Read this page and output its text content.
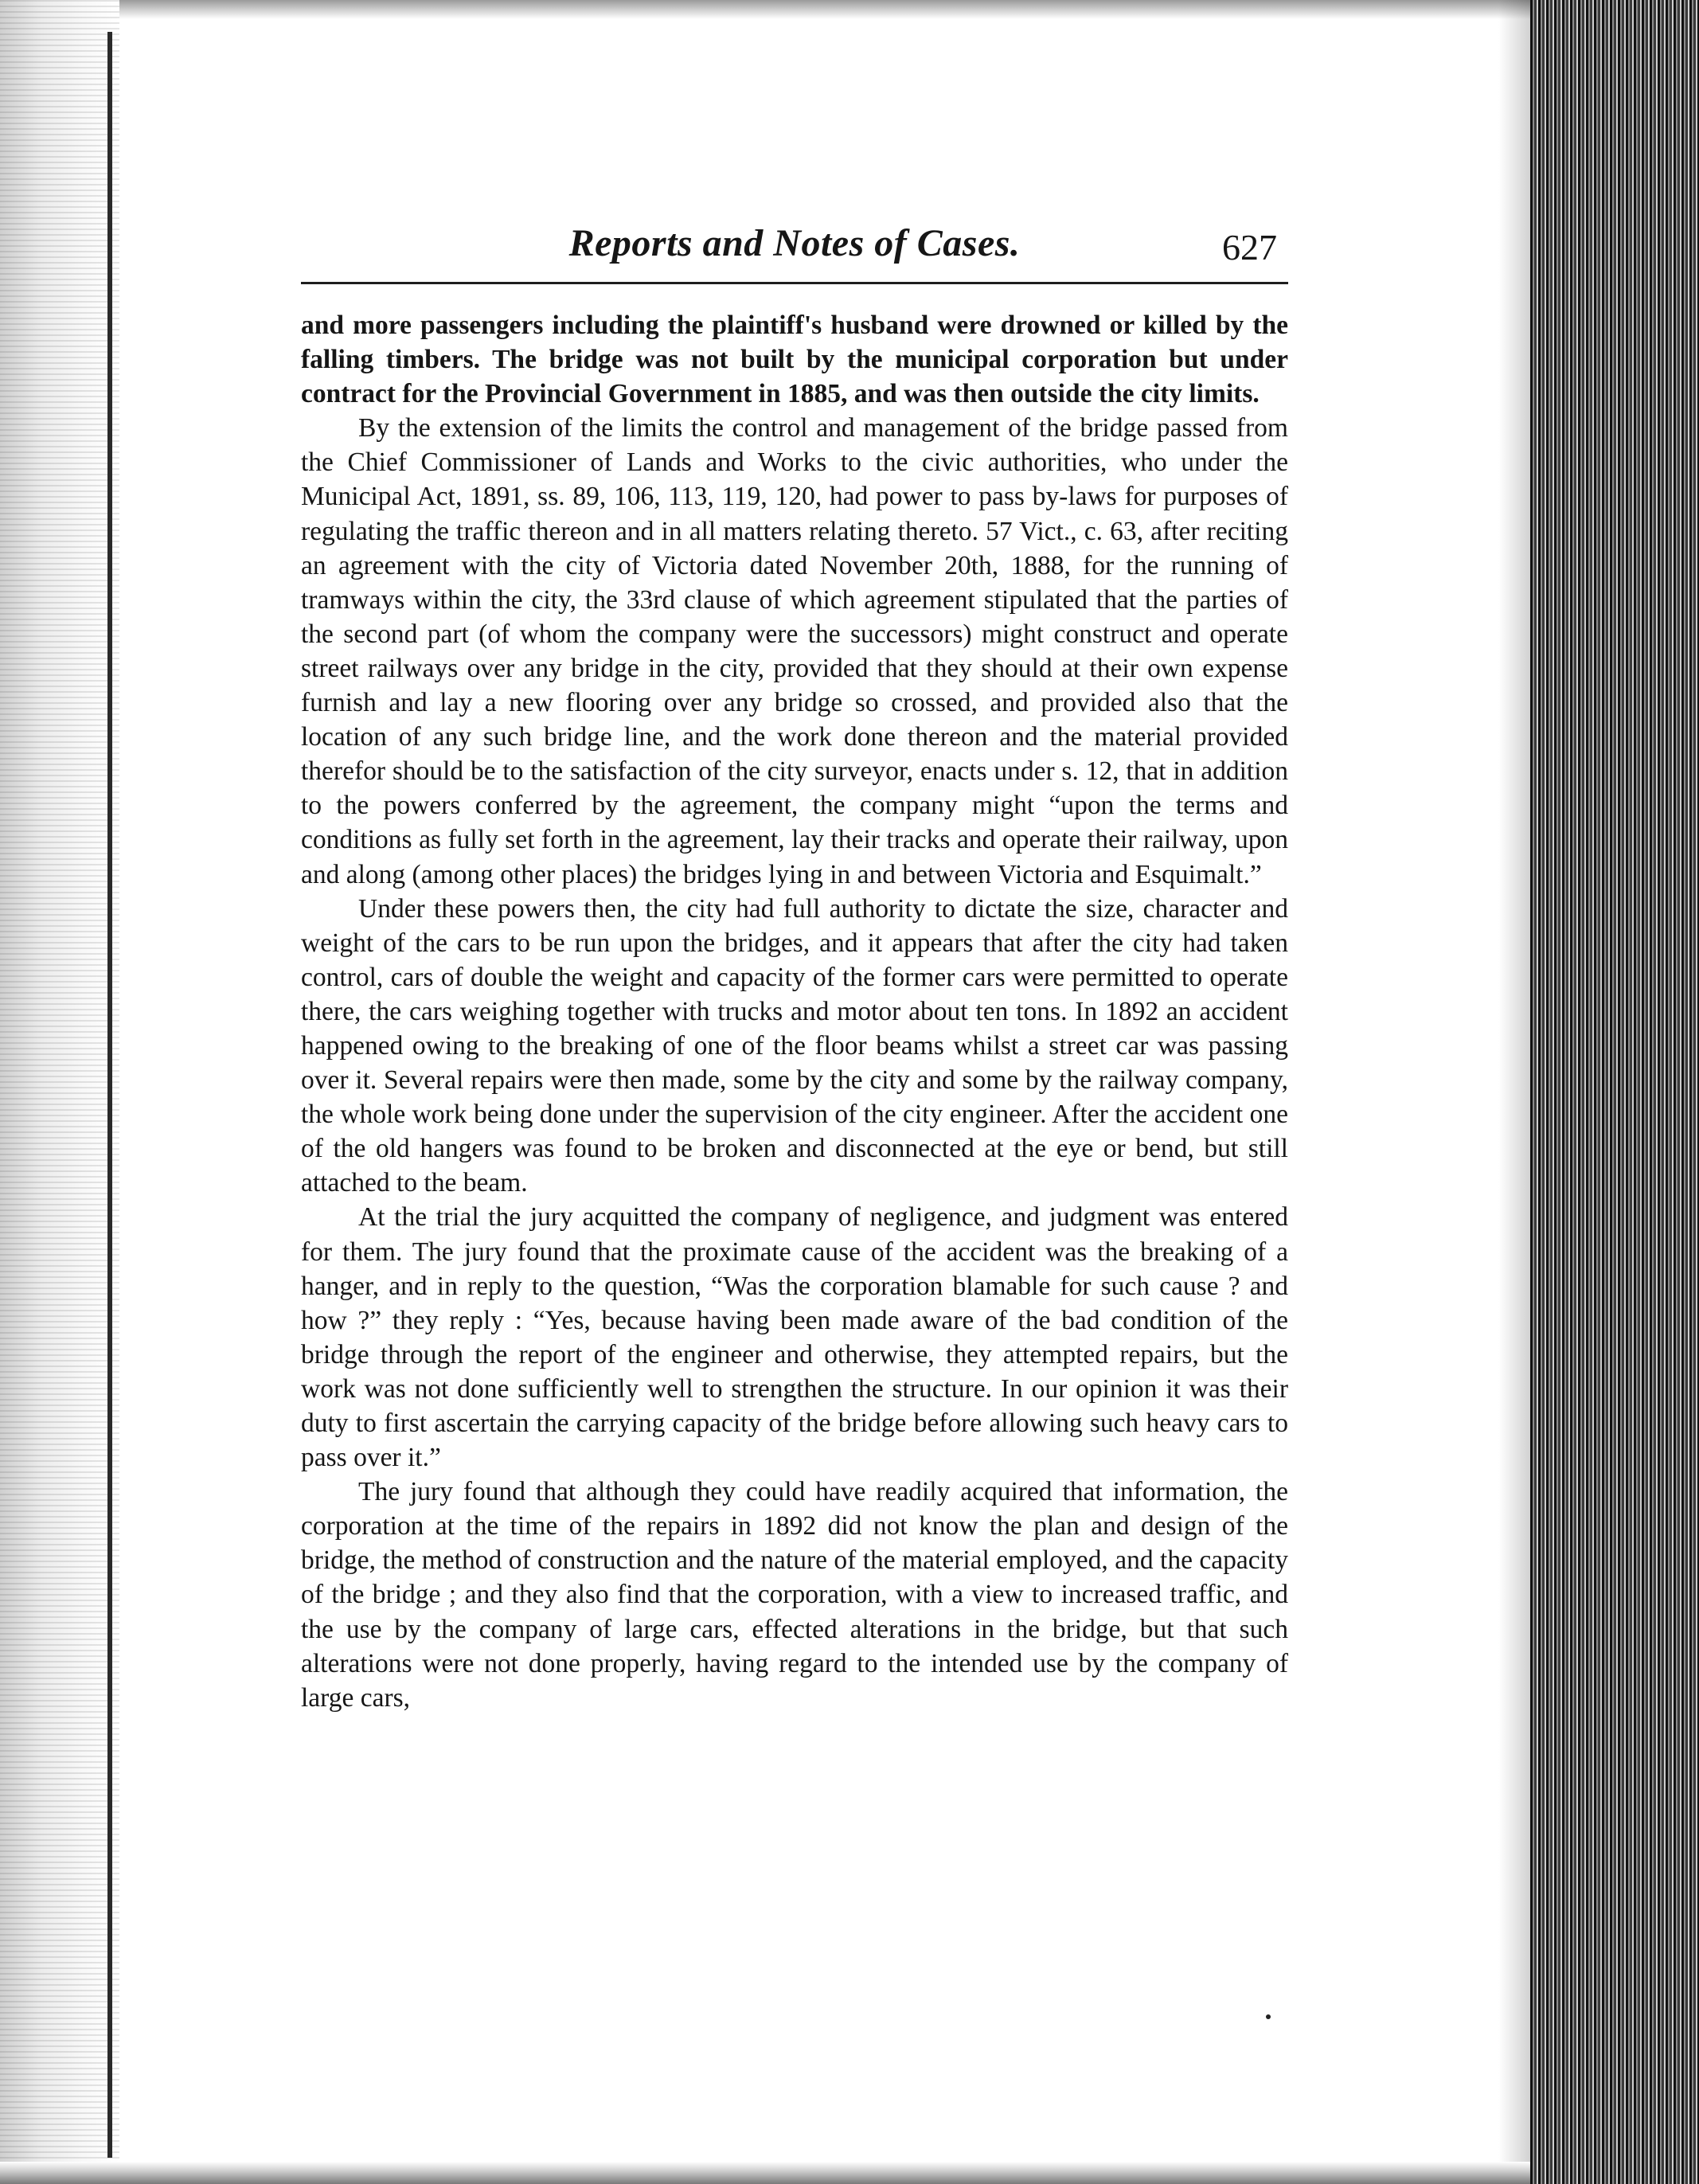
Reports and Notes of Cases.	627

and more passengers including the plaintiff's husband were drowned or killed by the falling timbers. The bridge was not built by the municipal corporation but under contract for the Provincial Government in 1885, and was then outside the city limits.

By the extension of the limits the control and management of the bridge passed from the Chief Commissioner of Lands and Works to the civic authorities, who under the Municipal Act, 1891, ss. 89, 106, 113, 119, 120, had power to pass by-laws for purposes of regulating the traffic thereon and in all matters relating thereto. 57 Vict., c. 63, after reciting an agreement with the city of Victoria dated November 20th, 1888, for the running of tramways within the city, the 33rd clause of which agreement stipulated that the parties of the second part (of whom the company were the successors) might construct and operate street railways over any bridge in the city, provided that they should at their own expense furnish and lay a new flooring over any bridge so crossed, and provided also that the location of any such bridge line, and the work done thereon and the material provided therefor should be to the satisfaction of the city surveyor, enacts under s. 12, that in addition to the powers conferred by the agreement, the company might “upon the terms and conditions as fully set forth in the agreement, lay their tracks and operate their railway, upon and along (among other places) the bridges lying in and between Victoria and Esquimalt.”

Under these powers then, the city had full authority to dictate the size, character and weight of the cars to be run upon the bridges, and it appears that after the city had taken control, cars of double the weight and capacity of the former cars were permitted to operate there, the cars weighing together with trucks and motor about ten tons. In 1892 an accident happened owing to the breaking of one of the floor beams whilst a street car was passing over it. Several repairs were then made, some by the city and some by the railway company, the whole work being done under the supervision of the city engineer. After the accident one of the old hangers was found to be broken and disconnected at the eye or bend, but still attached to the beam.

At the trial the jury acquitted the company of negligence, and judgment was entered for them. The jury found that the proximate cause of the accident was the breaking of a hanger, and in reply to the question, “Was the corporation blamable for such cause ? and how ?” they reply : “Yes, because having been made aware of the bad condition of the bridge through the report of the engineer and otherwise, they attempted repairs, but the work was not done sufficiently well to strengthen the structure. In our opinion it was their duty to first ascertain the carrying capacity of the bridge before allowing such heavy cars to pass over it.”

The jury found that although they could have readily acquired that information, the corporation at the time of the repairs in 1892 did not know the plan and design of the bridge, the method of construction and the nature of the material employed, and the capacity of the bridge ; and they also find that the corporation, with a view to increased traffic, and the use by the company of large cars, effected alterations in the bridge, but that such alterations were not done properly, having regard to the intended use by the company of large cars,
